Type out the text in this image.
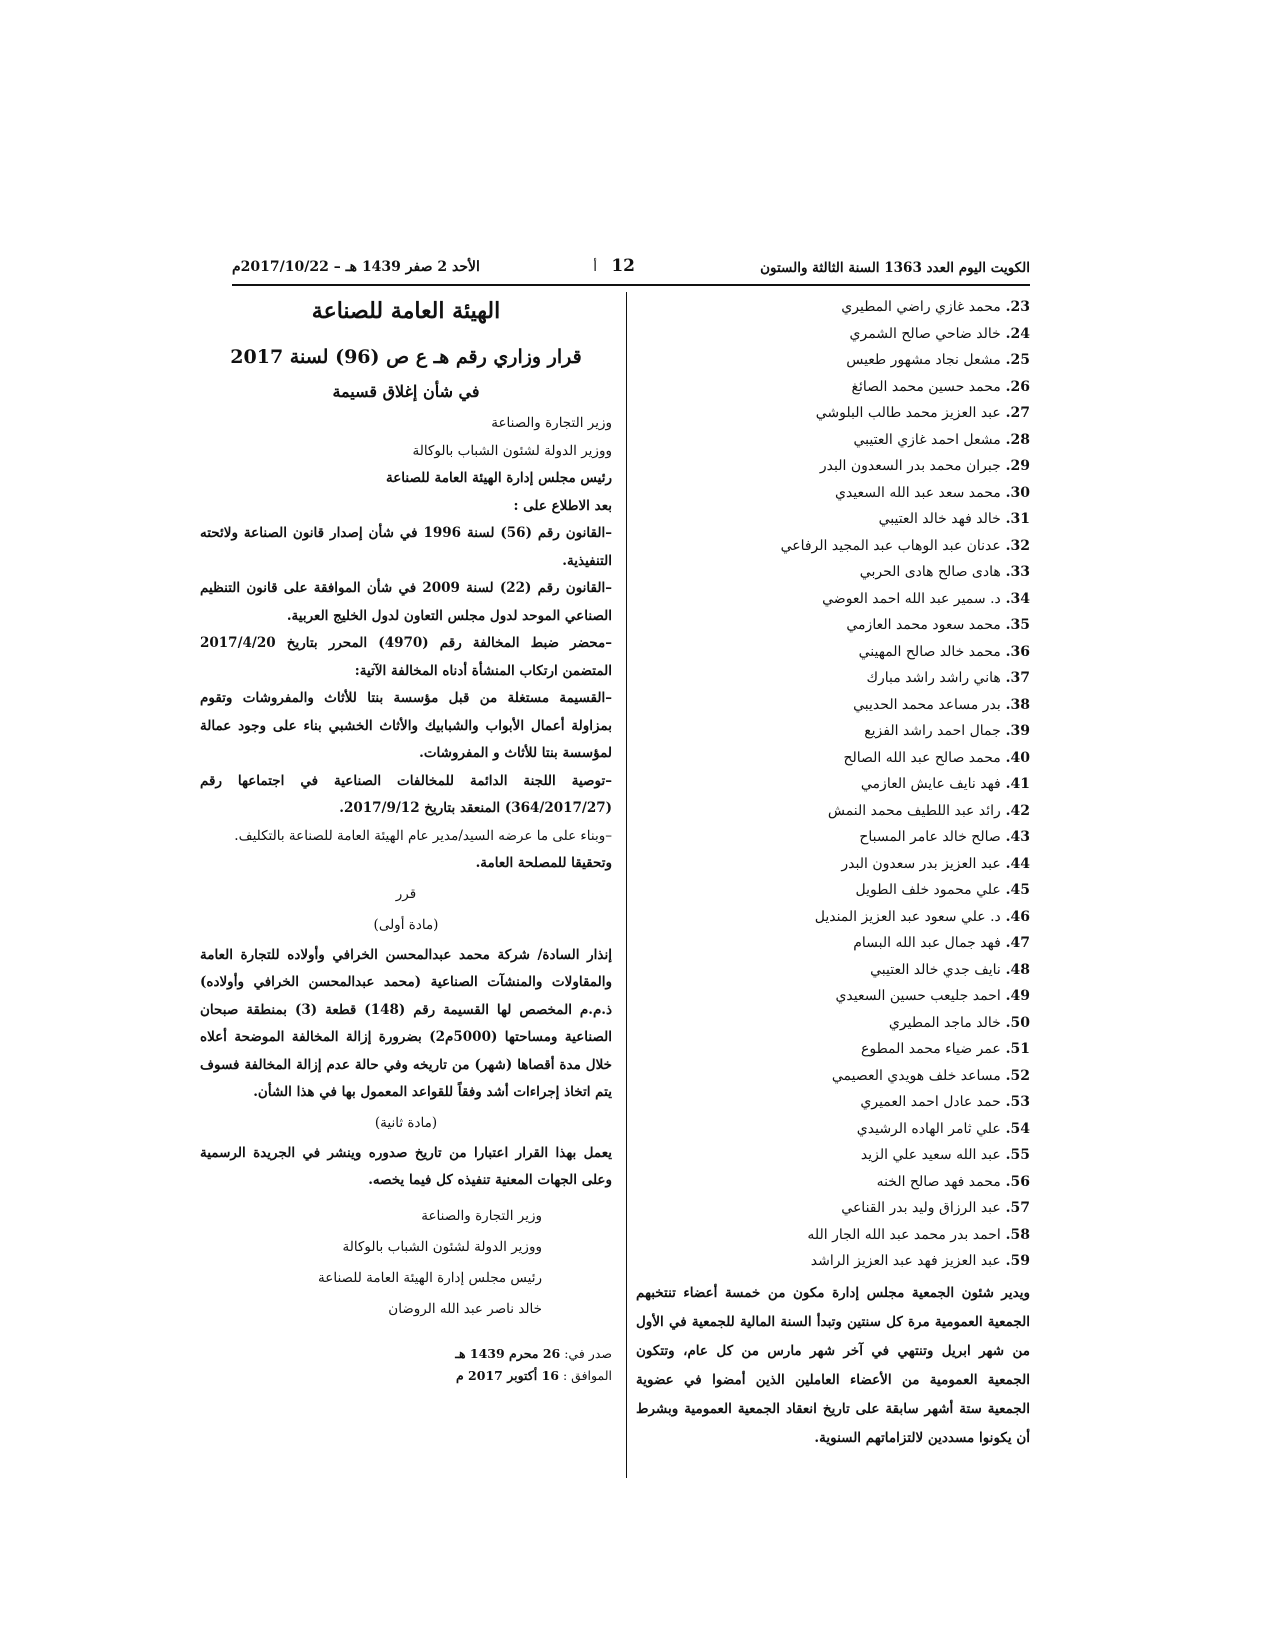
الكويت اليوم العدد 1363 السنة الثالثة والستون
12
أ
الأحد 2 صفر 1439 هـ – 2017/10/22م
23. محمد غازي راضي المطيري
24. خالد ضاحي صالح الشمري
25. مشعل نجاد مشهور طعيس
26. محمد حسين محمد الصائغ
27. عبد العزيز محمد طالب البلوشي
28. مشعل احمد غازي العتيبي
29. جبران محمد بدر السعدون البدر
30. محمد سعد عبد الله السعيدي
31. خالد فهد خالد العتيبي
32. عدنان عبد الوهاب عبد المجيد الرفاعي
33. هادى صالح هادى الحربي
34. د. سمير عبد الله احمد العوضي
35. محمد سعود محمد العازمي
36. محمد خالد صالح المهيني
37. هاني راشد راشد مبارك
38. بدر مساعد محمد الحديبي
39. جمال احمد راشد الفزيع
40. محمد صالح عبد الله الصالح
41. فهد نايف عايش العازمي
42. رائد عبد اللطيف محمد النمش
43. صالح خالد عامر المسباح
44. عبد العزيز بدر سعدون البدر
45. علي محمود خلف الطويل
46. د. علي سعود عبد العزيز المنديل
47. فهد جمال عبد الله البسام
48. نايف جدي خالد العتيبي
49. احمد جليعب حسين السعيدي
50. خالد ماجد المطيري
51. عمر ضياء محمد المطوع
52. مساعد خلف هويدي العصيمي
53. حمد عادل احمد العميري
54. علي ثامر الهاده الرشيدي
55. عبد الله سعيد علي الزيد
56. محمد فهد صالح الخنه
57. عبد الرزاق وليد بدر القناعي
58. احمد بدر محمد عبد الله الجار الله
59. عبد العزيز فهد عبد العزيز الراشد

ويدير شئون الجمعية مجلس إدارة مكون من خمسة أعضاء تنتخبهم الجمعية العمومية مرة كل سنتين وتبدأ السنة المالية للجمعية في الأول من شهر ابريل وتنتهي في آخر شهر مارس من كل عام، وتتكون الجمعية العمومية من الأعضاء العاملين الذين أمضوا في عضوية الجمعية ستة أشهر سابقة على تاريخ انعقاد الجمعية العمومية وبشرط أن يكونوا مسددين لالتزاماتهم السنوية.

الهيئة العامة للصناعة

قرار وزاري رقم هـ ع ص (96) لسنة 2017

في شأن إغلاق قسيمة

وزير التجارة والصناعة

ووزير الدولة لشئون الشباب بالوكالة

رئيس مجلس إدارة الهيئة العامة للصناعة

بعد الاطلاع على :

–القانون رقم (56) لسنة 1996 في شأن إصدار قانون الصناعة ولائحته التنفيذية.

–القانون رقم (22) لسنة 2009 في شأن الموافقة على قانون التنظيم الصناعي الموحد لدول مجلس التعاون لدول الخليج العربية.

–محضر ضبط المخالفة رقم (4970) المحرر بتاريخ 2017/4/20 المتضمن ارتكاب المنشأة أدناه المخالفة الآتية:

–القسيمة مستغلة من قبل مؤسسة بنتا للأثاث والمفروشات وتقوم بمزاولة أعمال الأبواب والشبابيك والأثاث الخشبي بناء على وجود عمالة لمؤسسة بنتا للأثاث و المفروشات.

–توصية اللجنة الدائمة للمخالفات الصناعية في اجتماعها رقم (364/2017/27) المنعقد بتاريخ 2017/9/12.

–وبناء على ما عرضه السيد/مدير عام الهيئة العامة للصناعة بالتكليف.

وتحقيقا للمصلحة العامة.

قرر

(مادة أولى)

إنذار السادة/ شركة محمد عبدالمحسن الخرافي وأولاده للتجارة العامة والمقاولات والمنشآت الصناعية (محمد عبدالمحسن الخرافي وأولاده) ذ.م.م المخصص لها القسيمة رقم (148) قطعة (3) بمنطقة صبحان الصناعية ومساحتها (5000م2) بضرورة إزالة المخالفة الموضحة أعلاه خلال مدة أقصاها (شهر) من تاريخه وفي حالة عدم إزالة المخالفة فسوف يتم اتخاذ إجراءات أشد وفقاً للقواعد المعمول بها في هذا الشأن.

(مادة ثانية)

يعمل بهذا القرار اعتبارا من تاريخ صدوره وينشر في الجريدة الرسمية وعلى الجهات المعنية تنفيذه كل فيما يخصه.

وزير التجارة والصناعة

ووزير الدولة لشئون الشباب بالوكالة

رئيس مجلس إدارة الهيئة العامة للصناعة

خالد ناصر عبد الله الروضان

صدر في: 26 محرم 1439 هـ
الموافق : 16 أكتوبر 2017 م
